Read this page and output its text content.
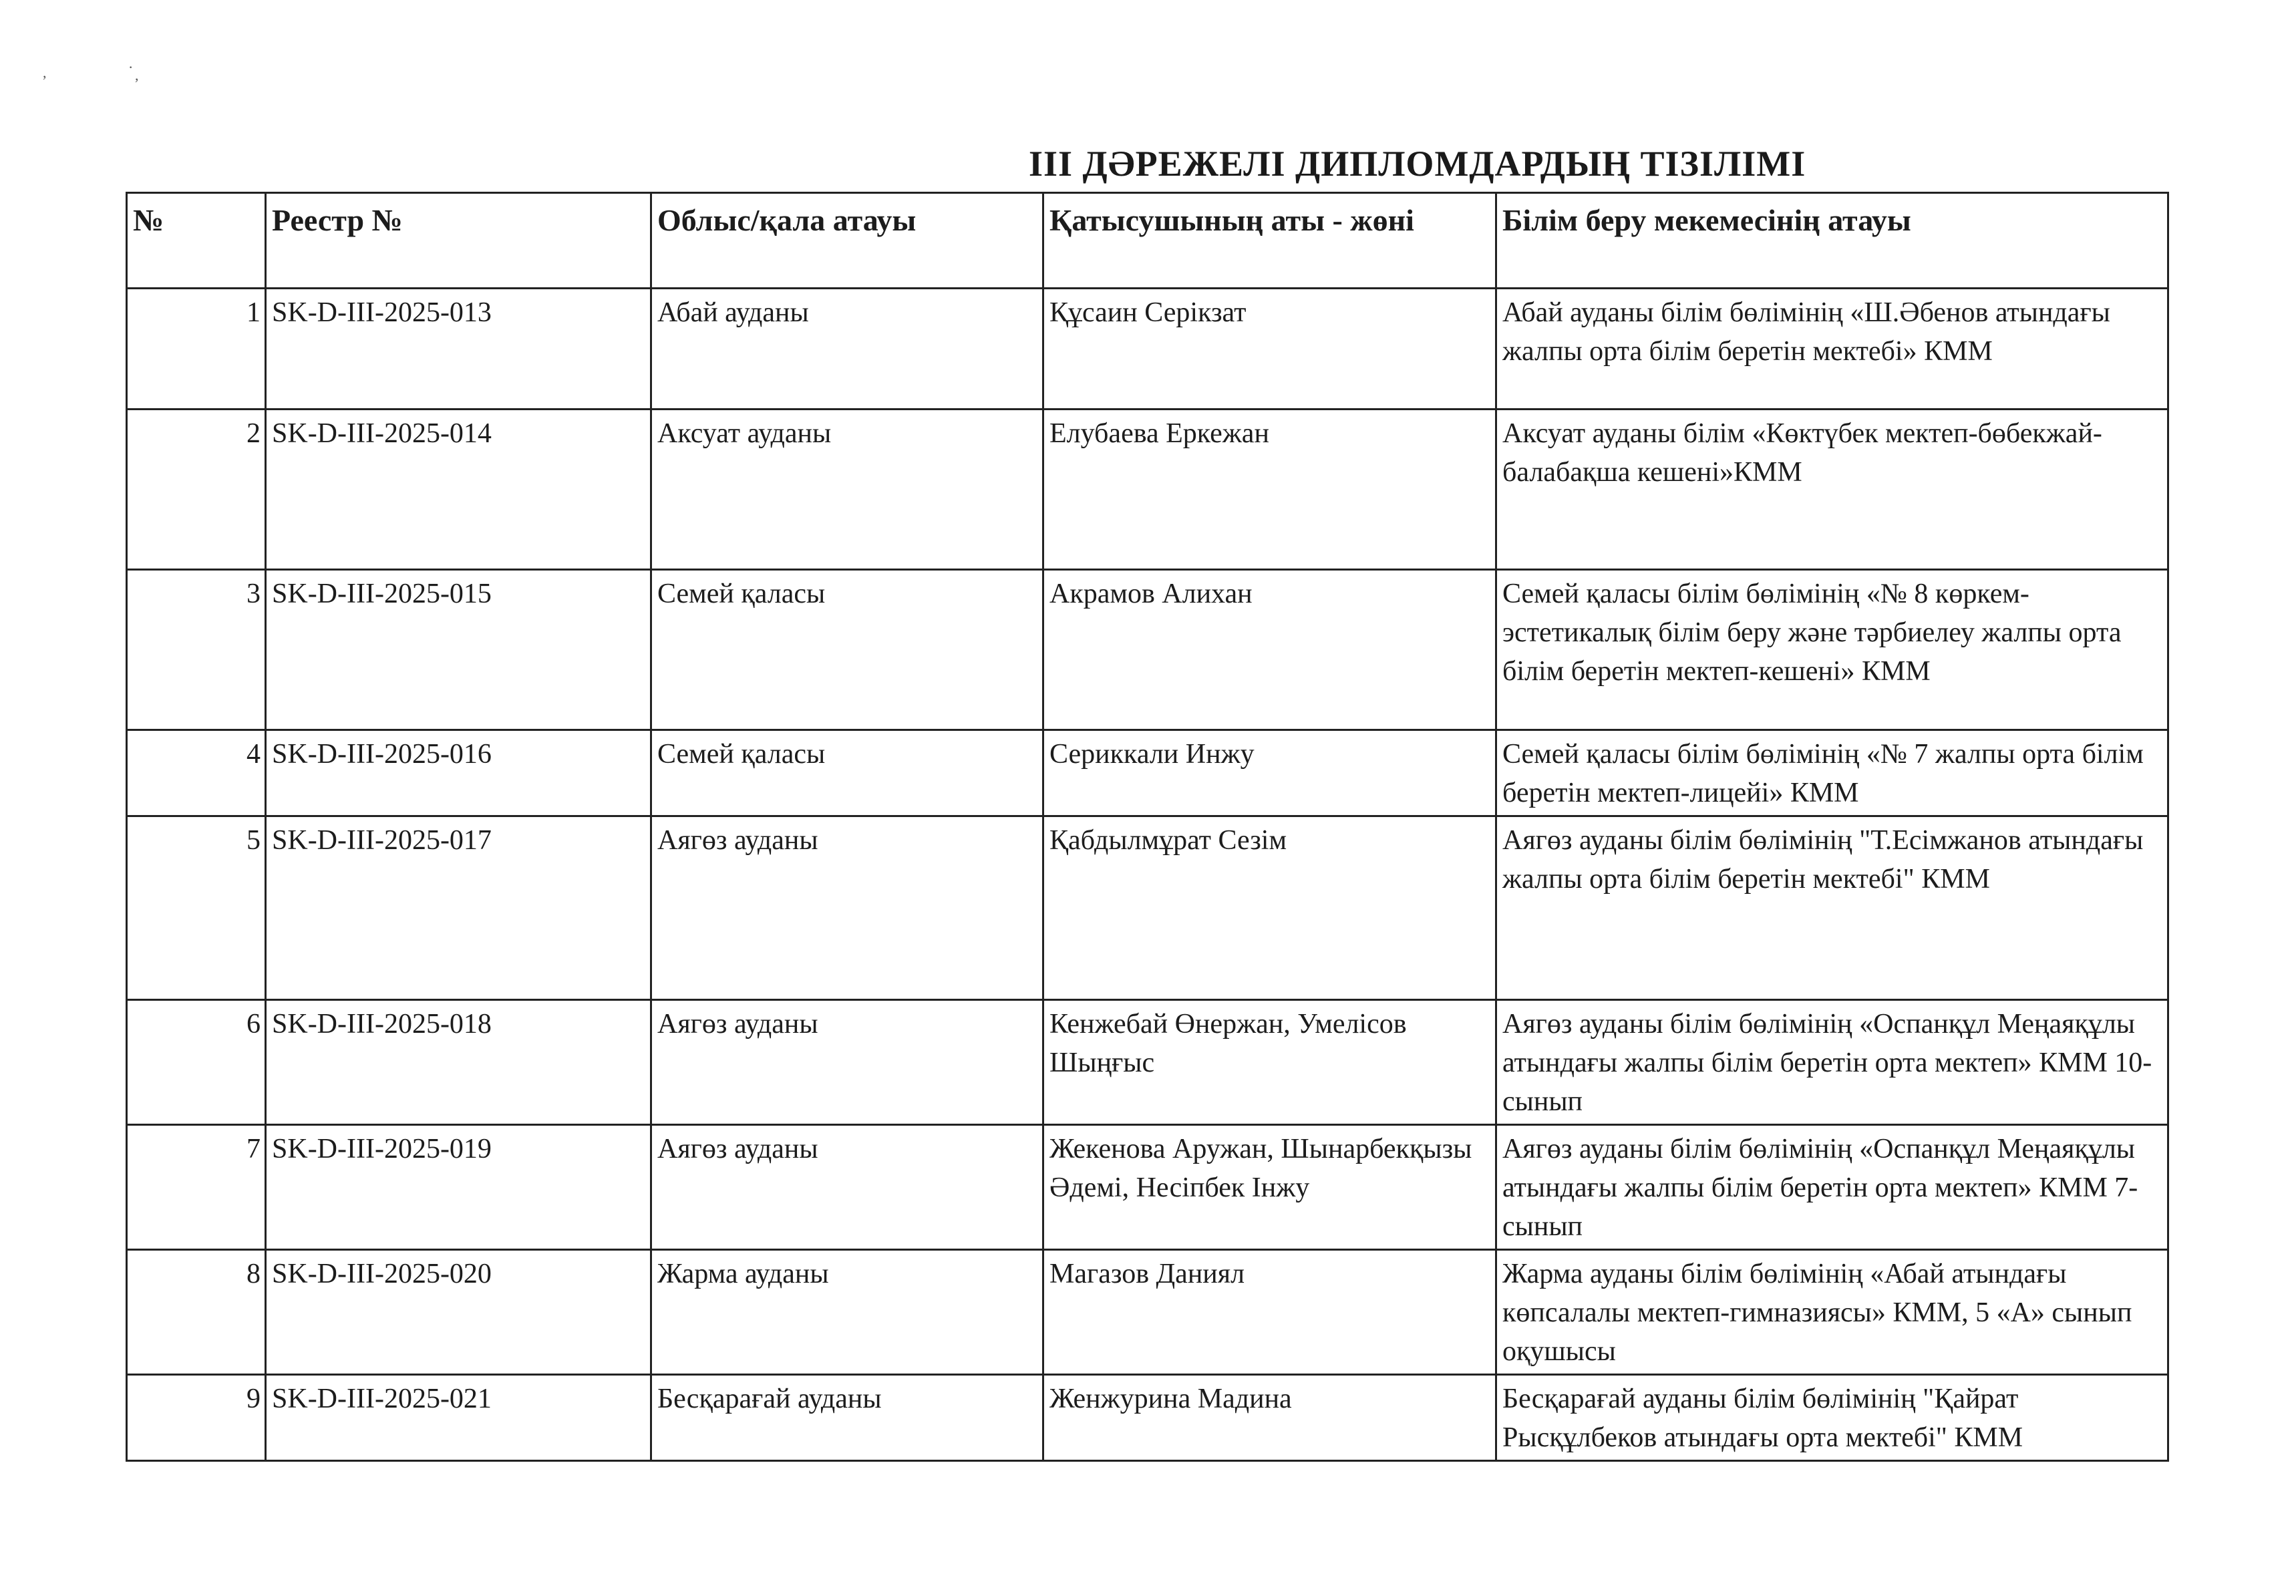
,	· ,
III ДӘРЕЖЕЛІ ДИПЛОМДАРДЫҢ ТІЗІЛІМІ
№	Реестр №	Облыс/қала атауы	Қатысушының аты - жөні	Білім беру мекемесінің атауы
1	SK-D-III-2025-013	Абай ауданы	Құсаин Серікзат	Абай ауданы білім бөлімінің «Ш.Әбенов атындағы жалпы орта білім беретін мектебі» КММ
2	SK-D-III-2025-014	Аксуат ауданы	Елубаева Еркежан	Аксуат ауданы білім «Көктүбек мектеп-бөбекжай-балабақша кешені»КММ
3	SK-D-III-2025-015	Семей қаласы	Акрамов Алихан	Семей қаласы білім бөлімінің «№ 8 көркем-эстетикалық білім беру және тәрбиелеу жалпы орта білім беретін мектеп-кешені» КММ
4	SK-D-III-2025-016	Семей қаласы	Сериккали Инжу	Семей қаласы білім бөлімінің «№ 7 жалпы орта білім беретін мектеп-лицейі» КММ
5	SK-D-III-2025-017	Аягөз ауданы	Қабдылмұрат Сезім	Аягөз ауданы білім бөлімінің "Т.Есімжанов атындағы жалпы орта білім беретін мектебі" КММ
6	SK-D-III-2025-018	Аягөз ауданы	Кенжебай Өнержан, Умелісов Шыңғыс	Аягөз ауданы білім бөлімінің «Оспанқұл Меңаяқұлы атындағы жалпы білім беретін орта мектеп» КММ 10-сынып
7	SK-D-III-2025-019	Аягөз ауданы	Жекенова Аружан, Шынарбекқызы Әдемі, Несіпбек Інжу	Аягөз ауданы білім бөлімінің «Оспанқұл Меңаяқұлы атындағы жалпы білім беретін орта мектеп» КММ 7-сынып
8	SK-D-III-2025-020	Жарма ауданы	Магазов Даниял	Жарма ауданы білім бөлімінің «Абай атындағы көпсалалы мектеп-гимназиясы» КММ, 5 «А» сынып оқушысы
9	SK-D-III-2025-021	Бесқарағай ауданы	Женжурина Мадина	Бесқарағай ауданы білім бөлімінің "Қайрат Рысқұлбеков атындағы орта мектебі" КММ
